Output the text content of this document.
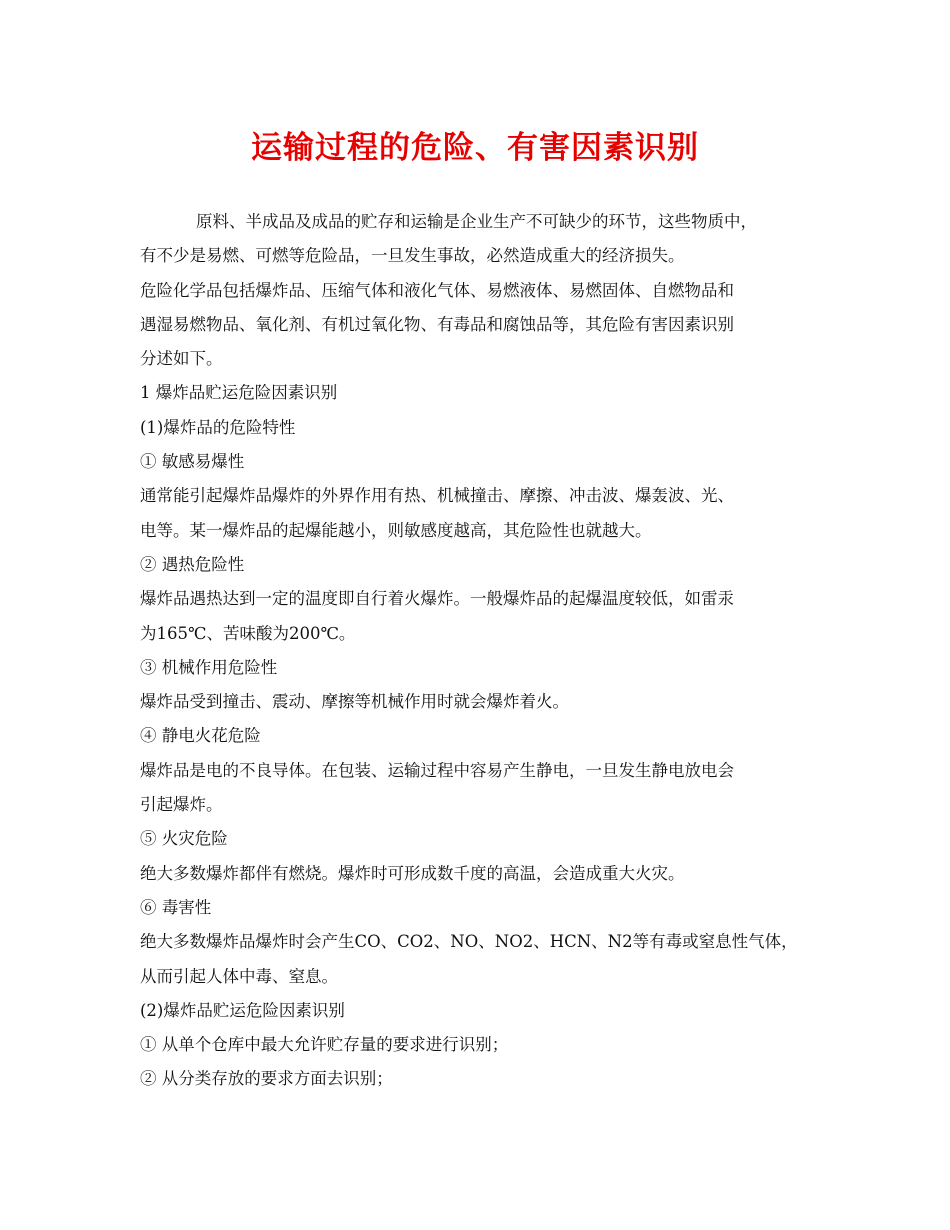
运输过程的危险、有害因素识别

原料、半成品及成品的贮存和运输是企业生产不可缺少的环节，这些物质中，

有不少是易燃、可燃等危险品，一旦发生事故，必然造成重大的经济损失。

危险化学品包括爆炸品、压缩气体和液化气体、易燃液体、易燃固体、自燃物品和

遇湿易燃物品、氧化剂、有机过氧化物、有毒品和腐蚀品等，其危险有害因素识别

分述如下。

1 爆炸品贮运危险因素识别

(1)爆炸品的危险特性

① 敏感易爆性

通常能引起爆炸品爆炸的外界作用有热、机械撞击、摩擦、冲击波、爆轰波、光、

电等。某一爆炸品的起爆能越小，则敏感度越高，其危险性也就越大。

② 遇热危险性

爆炸品遇热达到一定的温度即自行着火爆炸。一般爆炸品的起爆温度较低，如雷汞

为165℃、苦味酸为200℃。

③ 机械作用危险性

爆炸品受到撞击、震动、摩擦等机械作用时就会爆炸着火。

④ 静电火花危险

爆炸品是电的不良导体。在包装、运输过程中容易产生静电，一旦发生静电放电会

引起爆炸。

⑤ 火灾危险

绝大多数爆炸都伴有燃烧。爆炸时可形成数千度的高温，会造成重大火灾。

⑥ 毒害性

绝大多数爆炸品爆炸时会产生CO、CO2、NO、NO2、HCN、N2等有毒或窒息性气体，

从而引起人体中毒、窒息。

(2)爆炸品贮运危险因素识别

① 从单个仓库中最大允许贮存量的要求进行识别；

② 从分类存放的要求方面去识别；
